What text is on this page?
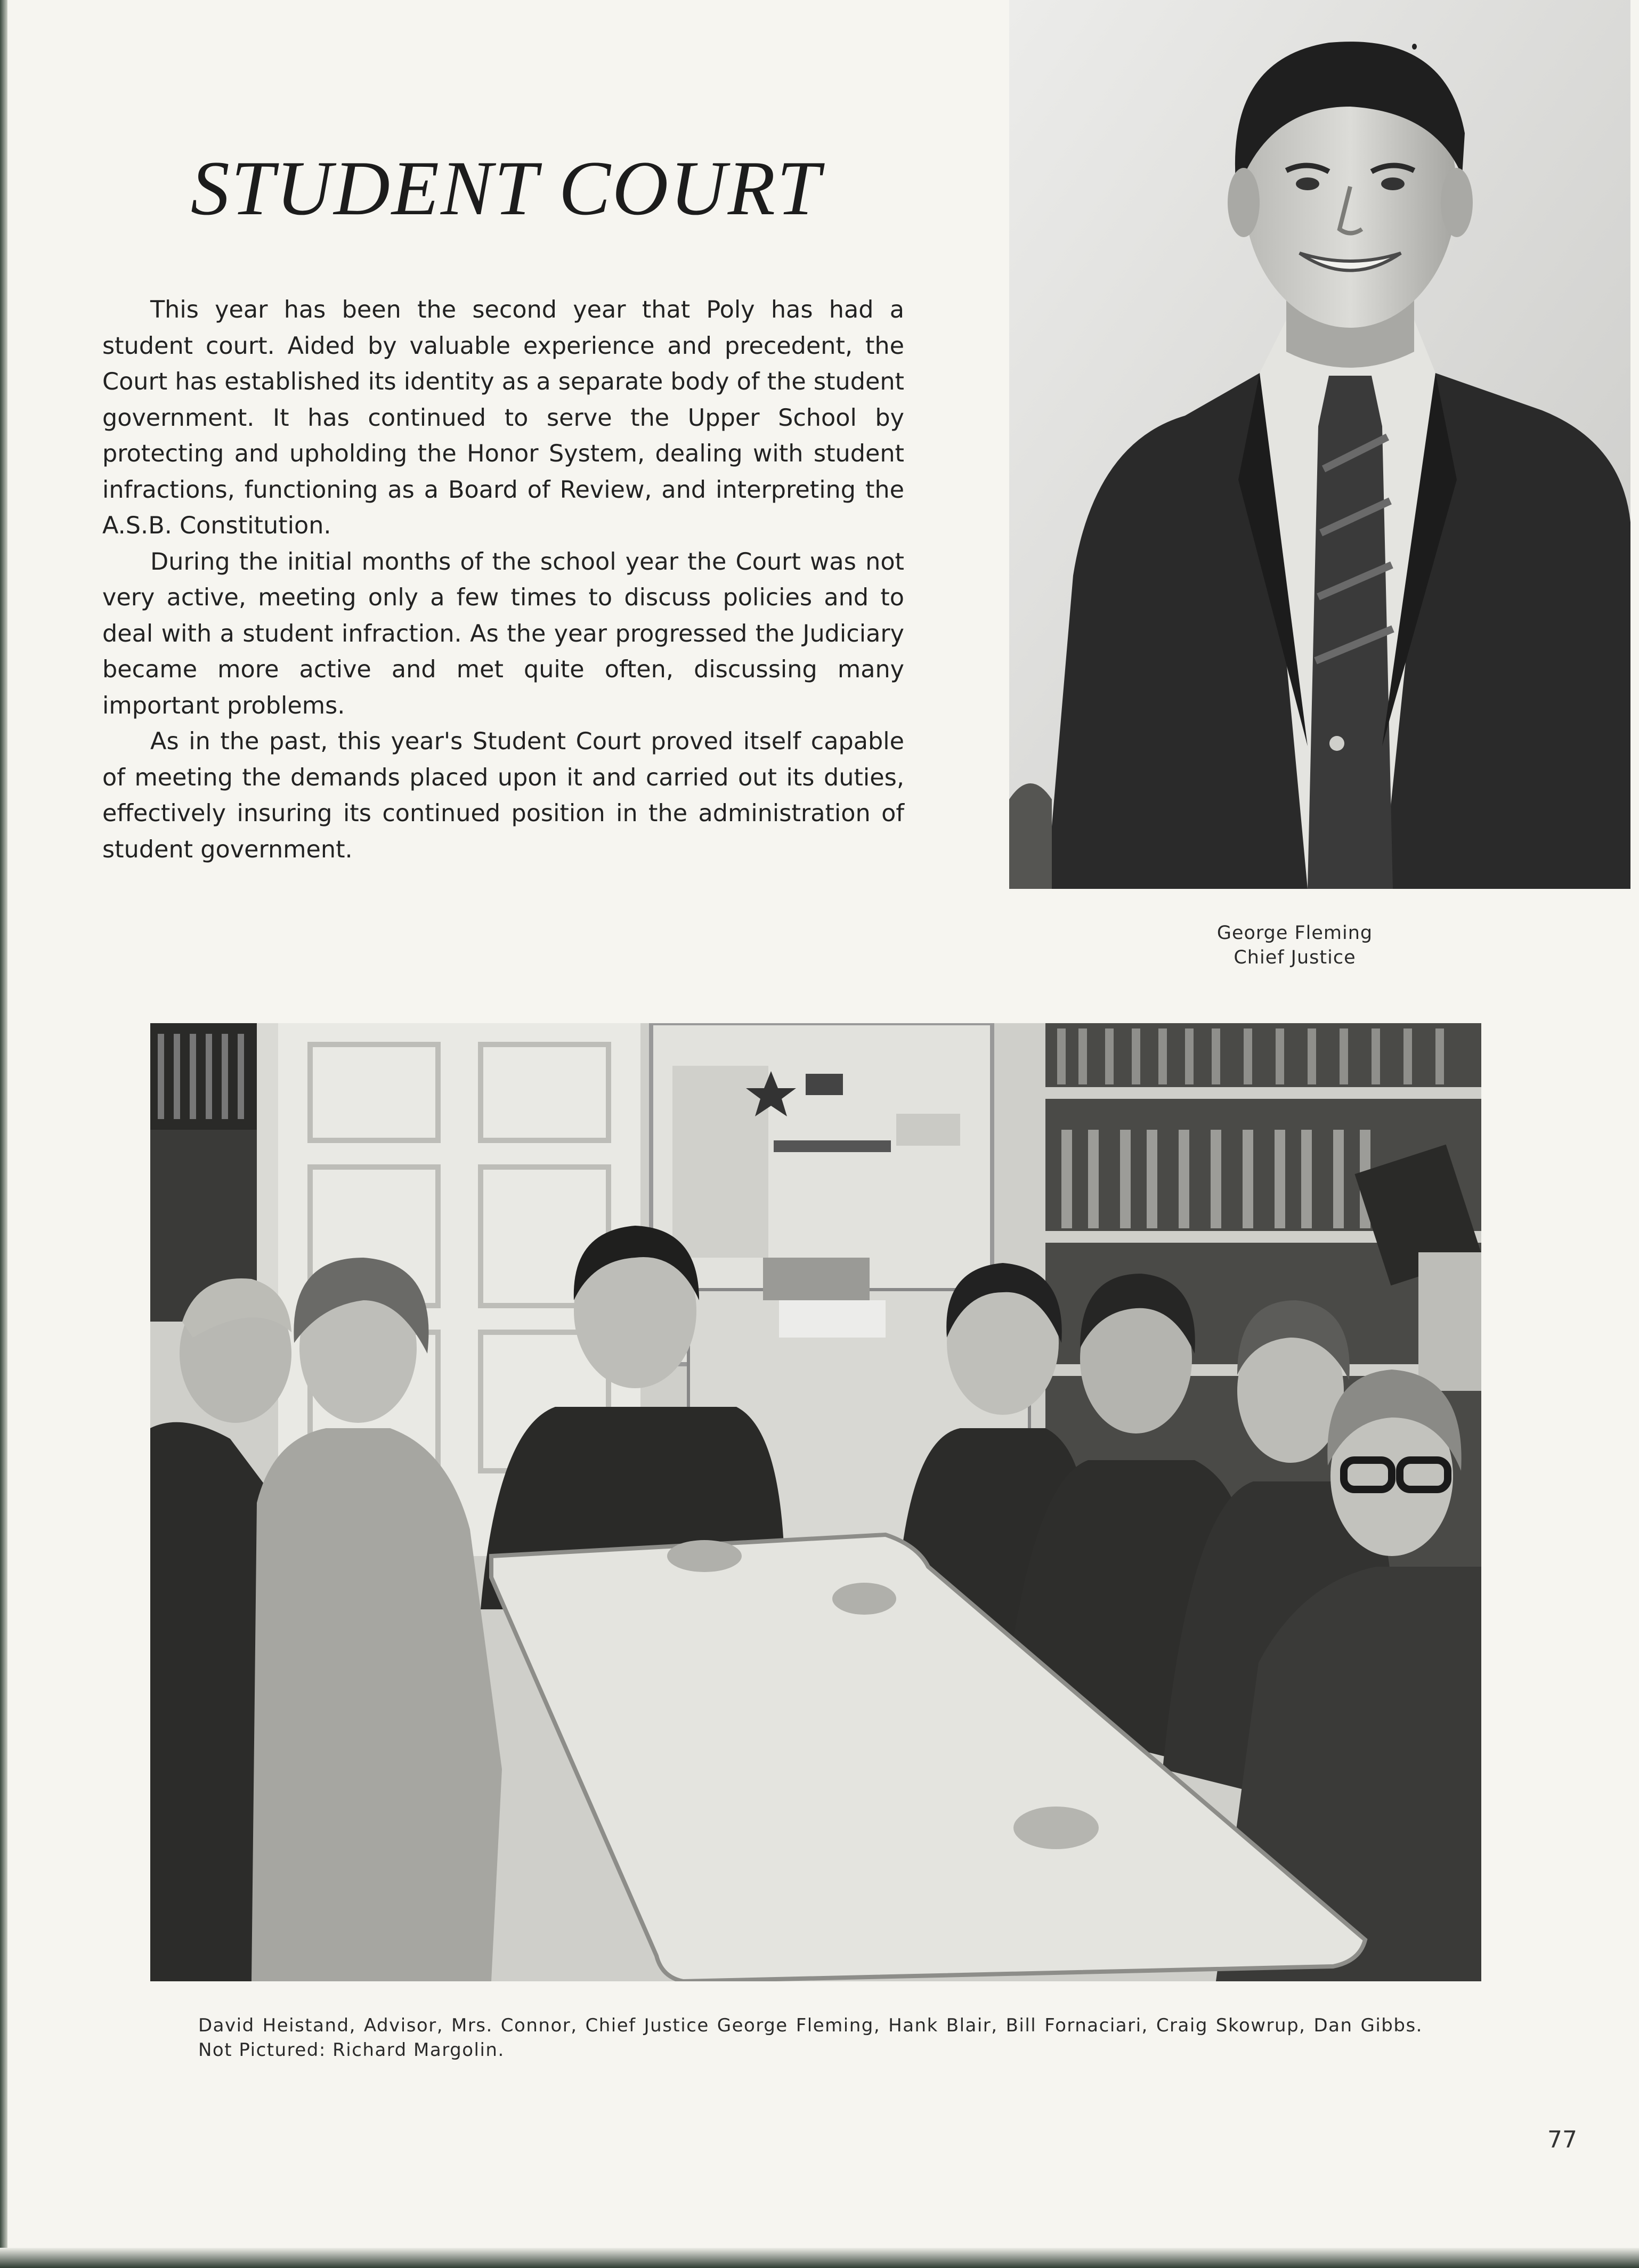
STUDENT COURT

This year has been the second year that Poly has had a student court. Aided by valuable experience and precedent, the Court has established its identity as a separate body of the student government. It has continued to serve the Upper School by protecting and upholding the Honor System, dealing with student infractions, functioning as a Board of Review, and interpreting the A.S.B. Constitution.

During the initial months of the school year the Court was not very active, meeting only a few times to discuss policies and to deal with a student infraction. As the year progressed the Judiciary became more active and met quite often, discussing many important problems.

As in the past, this year's Student Court proved itself capable of meeting the demands placed upon it and carried out its duties, effectively insuring its continued position in the administration of student government.

George Fleming
Chief Justice

David Heistand, Advisor, Mrs. Connor, Chief Justice George Fleming, Hank Blair, Bill Fornaciari, Craig Skowrup, Dan Gibbs. Not Pictured: Richard Margolin.

77
